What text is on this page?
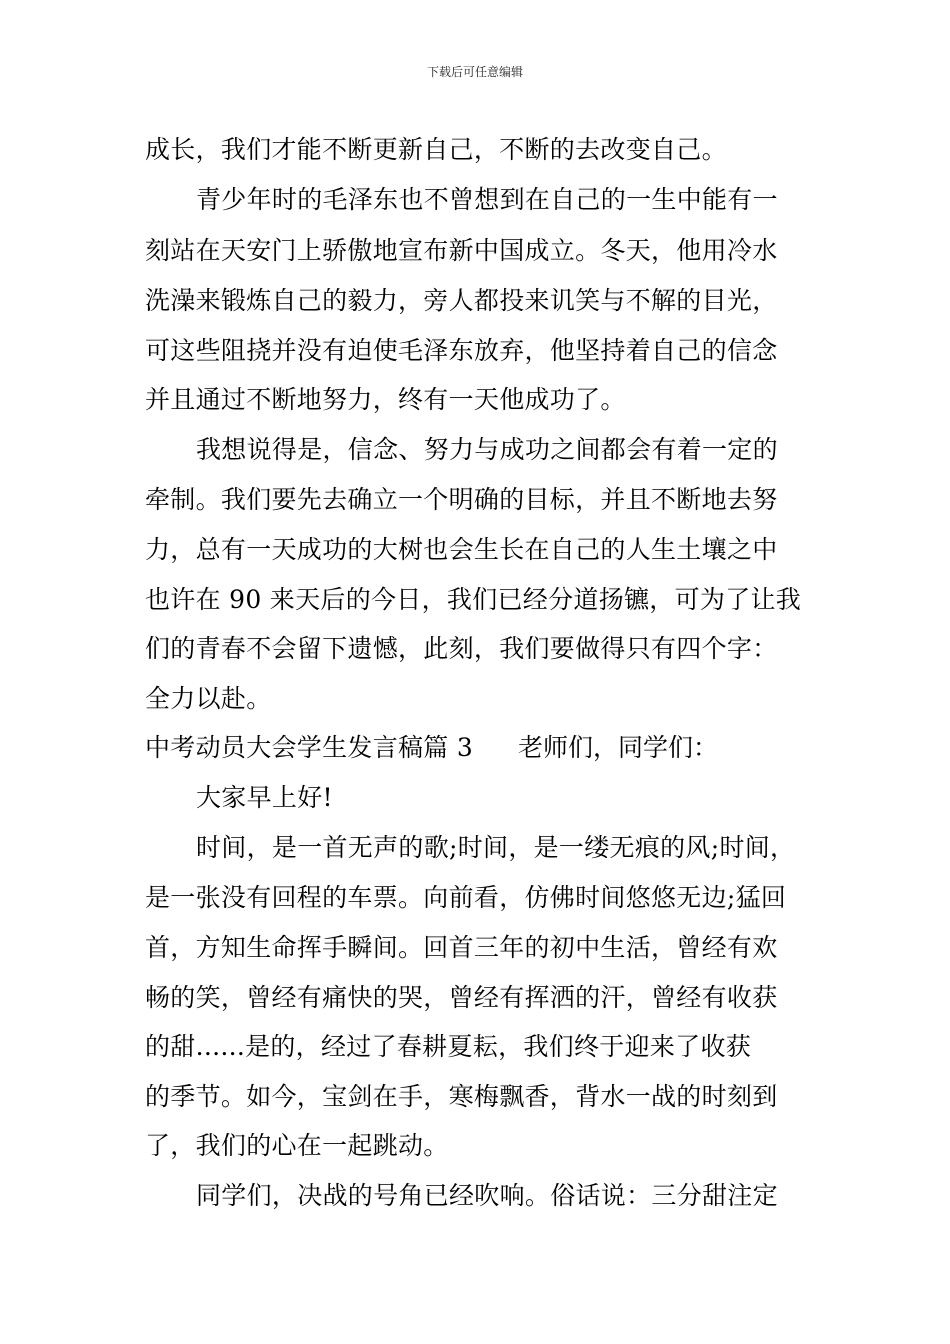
下载后可任意编辑
成长，我们才能不断更新自己，不断的去改变自己。
青少年时的毛泽东也不曾想到在自己的一生中能有一
刻站在天安门上骄傲地宣布新中国成立。冬天，他用冷水
洗澡来锻炼自己的毅力，旁人都投来讥笑与不解的目光，
可这些阻挠并没有迫使毛泽东放弃，他坚持着自己的信念
并且通过不断地努力，终有一天他成功了。
我想说得是，信念、努力与成功之间都会有着一定的
牵制。我们要先去确立一个明确的目标，并且不断地去努
力，总有一天成功的大树也会生长在自己的人生土壤之中
也许在 90 来天后的今日，我们已经分道扬镳，可为了让我
们的青春不会留下遗憾，此刻，我们要做得只有四个字：
全力以赴。
中考动员大会学生发言稿篇 3 老师们，同学们：
大家早上好!
时间，是一首无声的歌;时间，是一缕无痕的风;时间，
是一张没有回程的车票。向前看，仿佛时间悠悠无边;猛回
首，方知生命挥手瞬间。回首三年的初中生活，曾经有欢
畅的笑，曾经有痛快的哭，曾经有挥洒的汗，曾经有收获
的甜......是的，经过了春耕夏耘，我们终于迎来了收获
的季节。如今，宝剑在手，寒梅飘香，背水一战的时刻到
了，我们的心在一起跳动。
同学们，决战的号角已经吹响。俗话说：三分甜注定
